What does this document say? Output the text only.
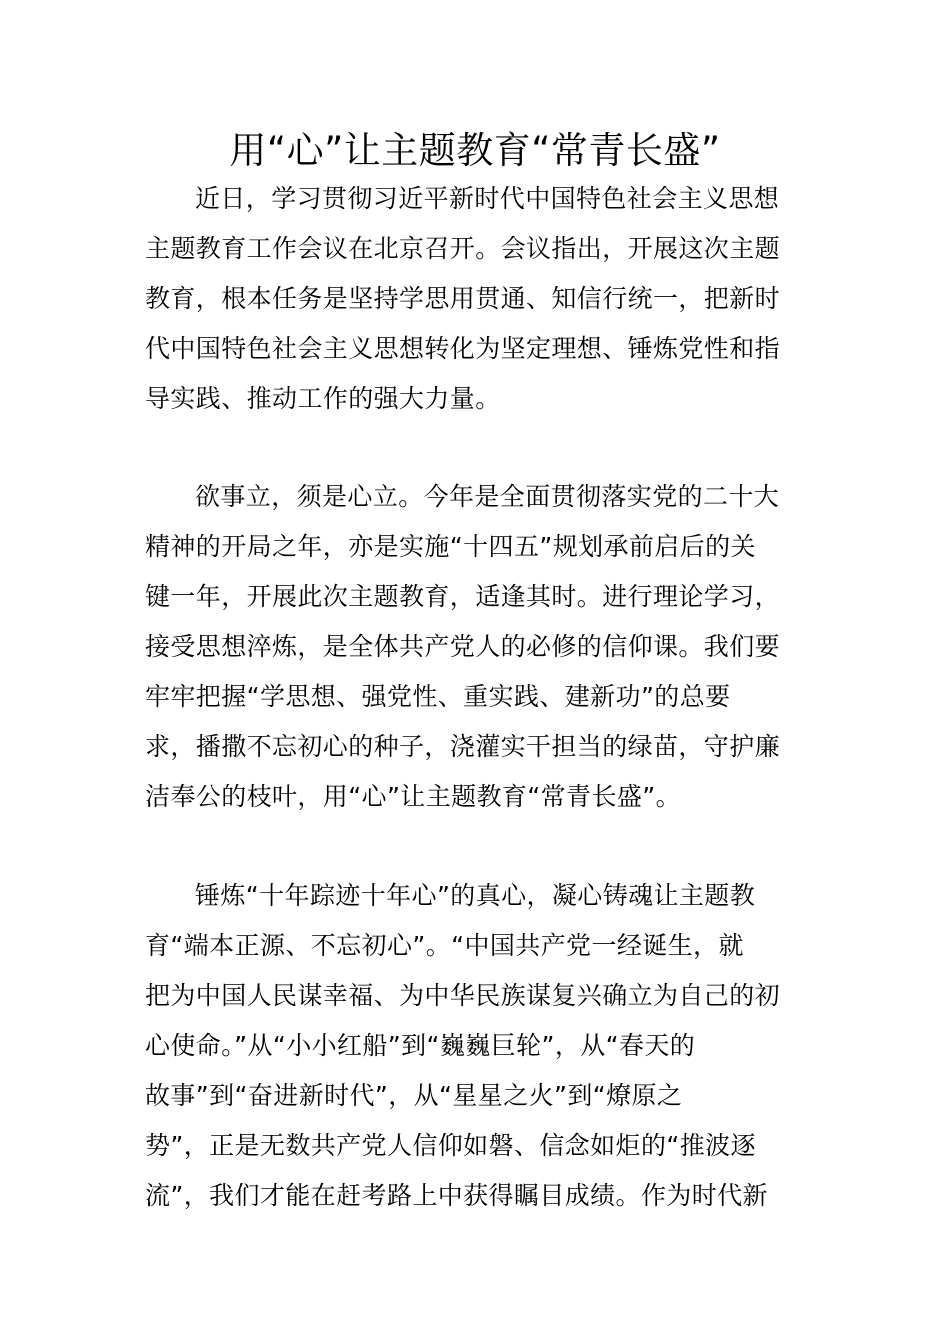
用“心”让主题教育“常青长盛”
近日，学习贯彻习近平新时代中国特色社会主义思想
主题教育工作会议在北京召开。会议指出，开展这次主题
教育，根本任务是坚持学思用贯通、知信行统一，把新时
代中国特色社会主义思想转化为坚定理想、锤炼党性和指
导实践、推动工作的强大力量。
欲事立，须是心立。今年是全面贯彻落实党的二十大
精神的开局之年，亦是实施“十四五”规划承前启后的关
键一年，开展此次主题教育，适逢其时。进行理论学习，
接受思想淬炼，是全体共产党人的必修的信仰课。我们要
牢牢把握“学思想、强党性、重实践、建新功”的总要
求，播撒不忘初心的种子，浇灌实干担当的绿苗，守护廉
洁奉公的枝叶，用“心”让主题教育“常青长盛”。
锤炼“十年踪迹十年心”的真心，凝心铸魂让主题教
育“端本正源、不忘初心”。“中国共产党一经诞生，就
把为中国人民谋幸福、为中华民族谋复兴确立为自己的初
心使命。”从“小小红船”到“巍巍巨轮”，从“春天的
故事”到“奋进新时代”，从“星星之火”到“燎原之
势”，正是无数共产党人信仰如磐、信念如炬的“推波逐
流”，我们才能在赶考路上中获得瞩目成绩。作为时代新
